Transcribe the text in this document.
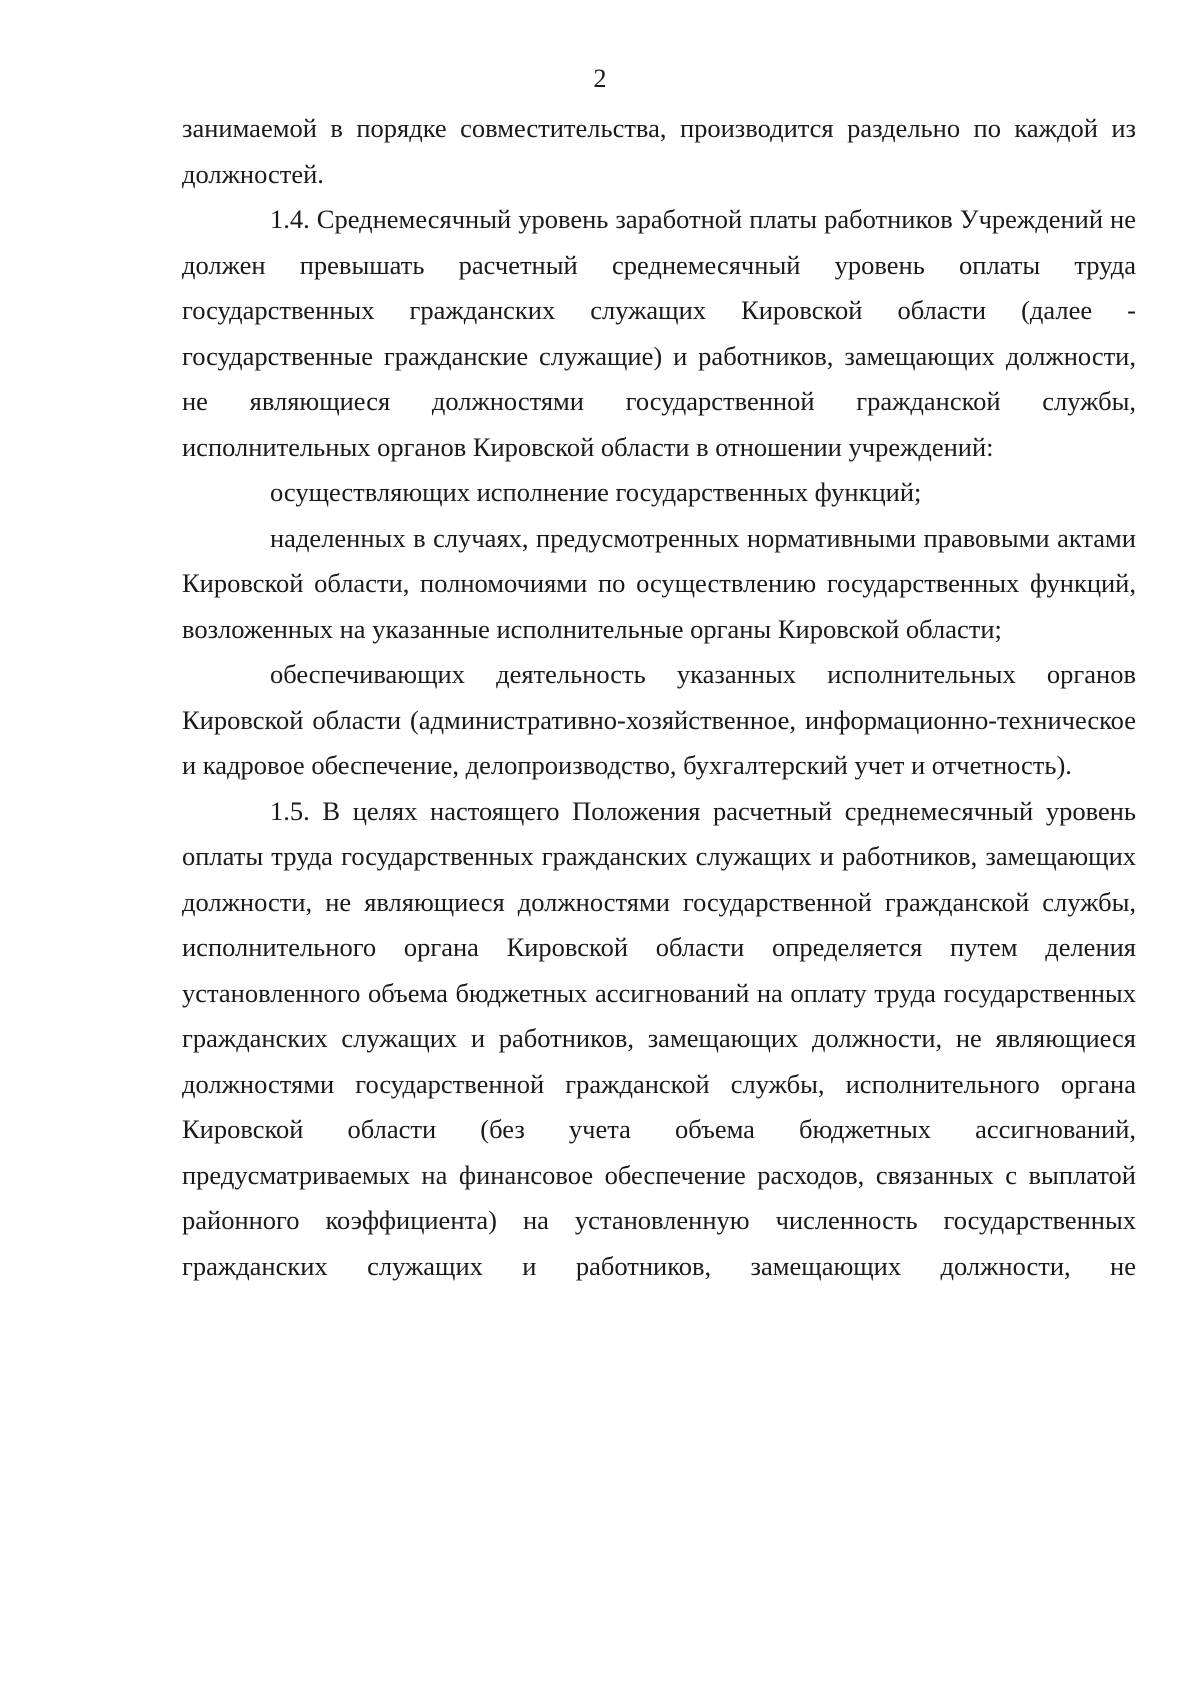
2

занимаемой в порядке совместительства, производится раздельно по каждой из должностей.

1.4. Среднемесячный уровень заработной платы работников Учреждений не должен превышать расчетный среднемесячный уровень оплаты труда государственных гражданских служащих Кировской области (далее - государственные гражданские служащие) и работников, замещающих должности, не являющиеся должностями государственной гражданской службы, исполнительных органов Кировской области в отношении учреждений:

осуществляющих исполнение государственных функций;

наделенных в случаях, предусмотренных нормативными правовыми актами Кировской области, полномочиями по осуществлению государственных функций, возложенных на указанные исполнительные органы Кировской области;

обеспечивающих деятельность указанных исполнительных органов Кировской области (административно-хозяйственное, информационно-техническое и кадровое обеспечение, делопроизводство, бухгалтерский учет и отчетность).

1.5. В целях настоящего Положения расчетный среднемесячный уровень оплаты труда государственных гражданских служащих и работников, замещающих должности, не являющиеся должностями государственной гражданской службы, исполнительного органа Кировской области определяется путем деления установленного объема бюджетных ассигнований на оплату труда государственных гражданских служащих и работников, замещающих должности, не являющиеся должностями государственной гражданской службы, исполнительного органа Кировской области (без учета объема бюджетных ассигнований, предусматриваемых на финансовое обеспечение расходов, связанных с выплатой районного коэффициента) на установленную численность государственных гражданских служащих и работников, замещающих должности, не
